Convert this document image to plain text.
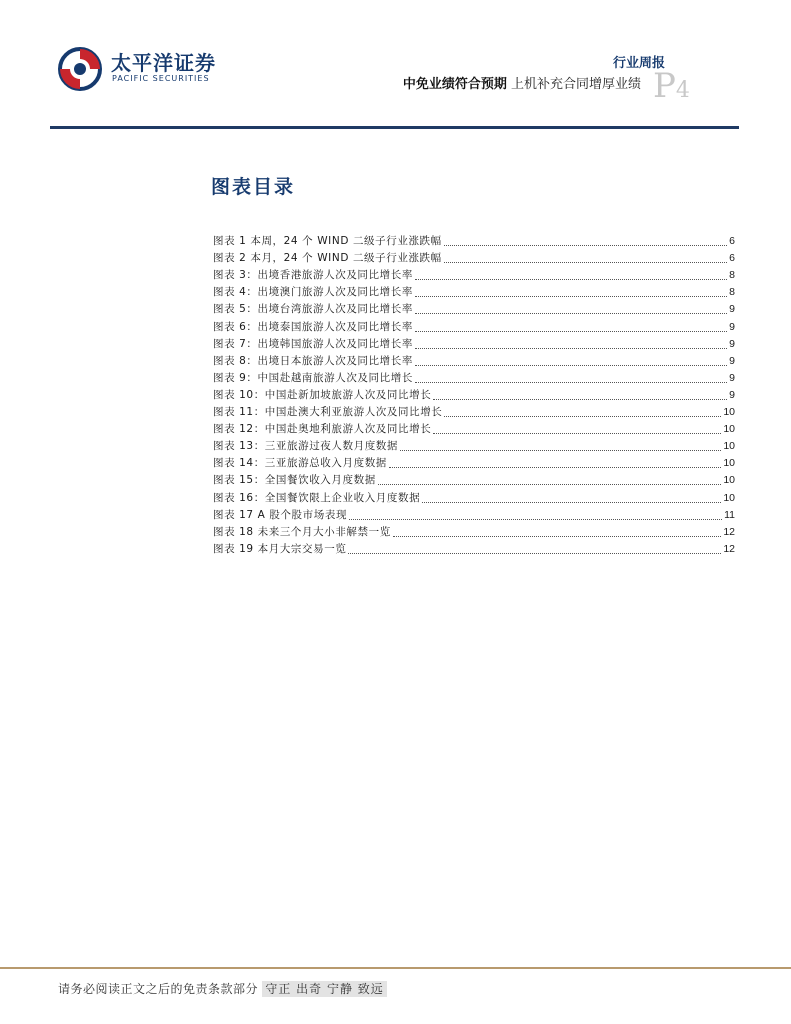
太平洋证券
PACIFIC SECURITIES
行业周报
中免业绩符合预期 上机补充合同增厚业绩 P4
图表目录
图表 1 本周，24 个 WIND 二级子行业涨跌幅	6
图表 2 本月，24 个 WIND 二级子行业涨跌幅	6
图表 3：出境香港旅游人次及同比增长率	8
图表 4：出境澳门旅游人次及同比增长率	8
图表 5：出境台湾旅游人次及同比增长率	9
图表 6：出境泰国旅游人次及同比增长率	9
图表 7：出境韩国旅游人次及同比增长率	9
图表 8：出境日本旅游人次及同比增长率	9
图表 9：中国赴越南旅游人次及同比增长	9
图表 10：中国赴新加坡旅游人次及同比增长	9
图表 11：中国赴澳大利亚旅游人次及同比增长	10
图表 12：中国赴奥地利旅游人次及同比增长	10
图表 13：三亚旅游过夜人数月度数据	10
图表 14：三亚旅游总收入月度数据	10
图表 15：全国餐饮收入月度数据	10
图表 16：全国餐饮限上企业收入月度数据	10
图表 17 A 股个股市场表现	11
图表 18 未来三个月大小非解禁一览	12
图表 19 本月大宗交易一览	12
请务必阅读正文之后的免责条款部分 守正 出奇 宁静 致远
